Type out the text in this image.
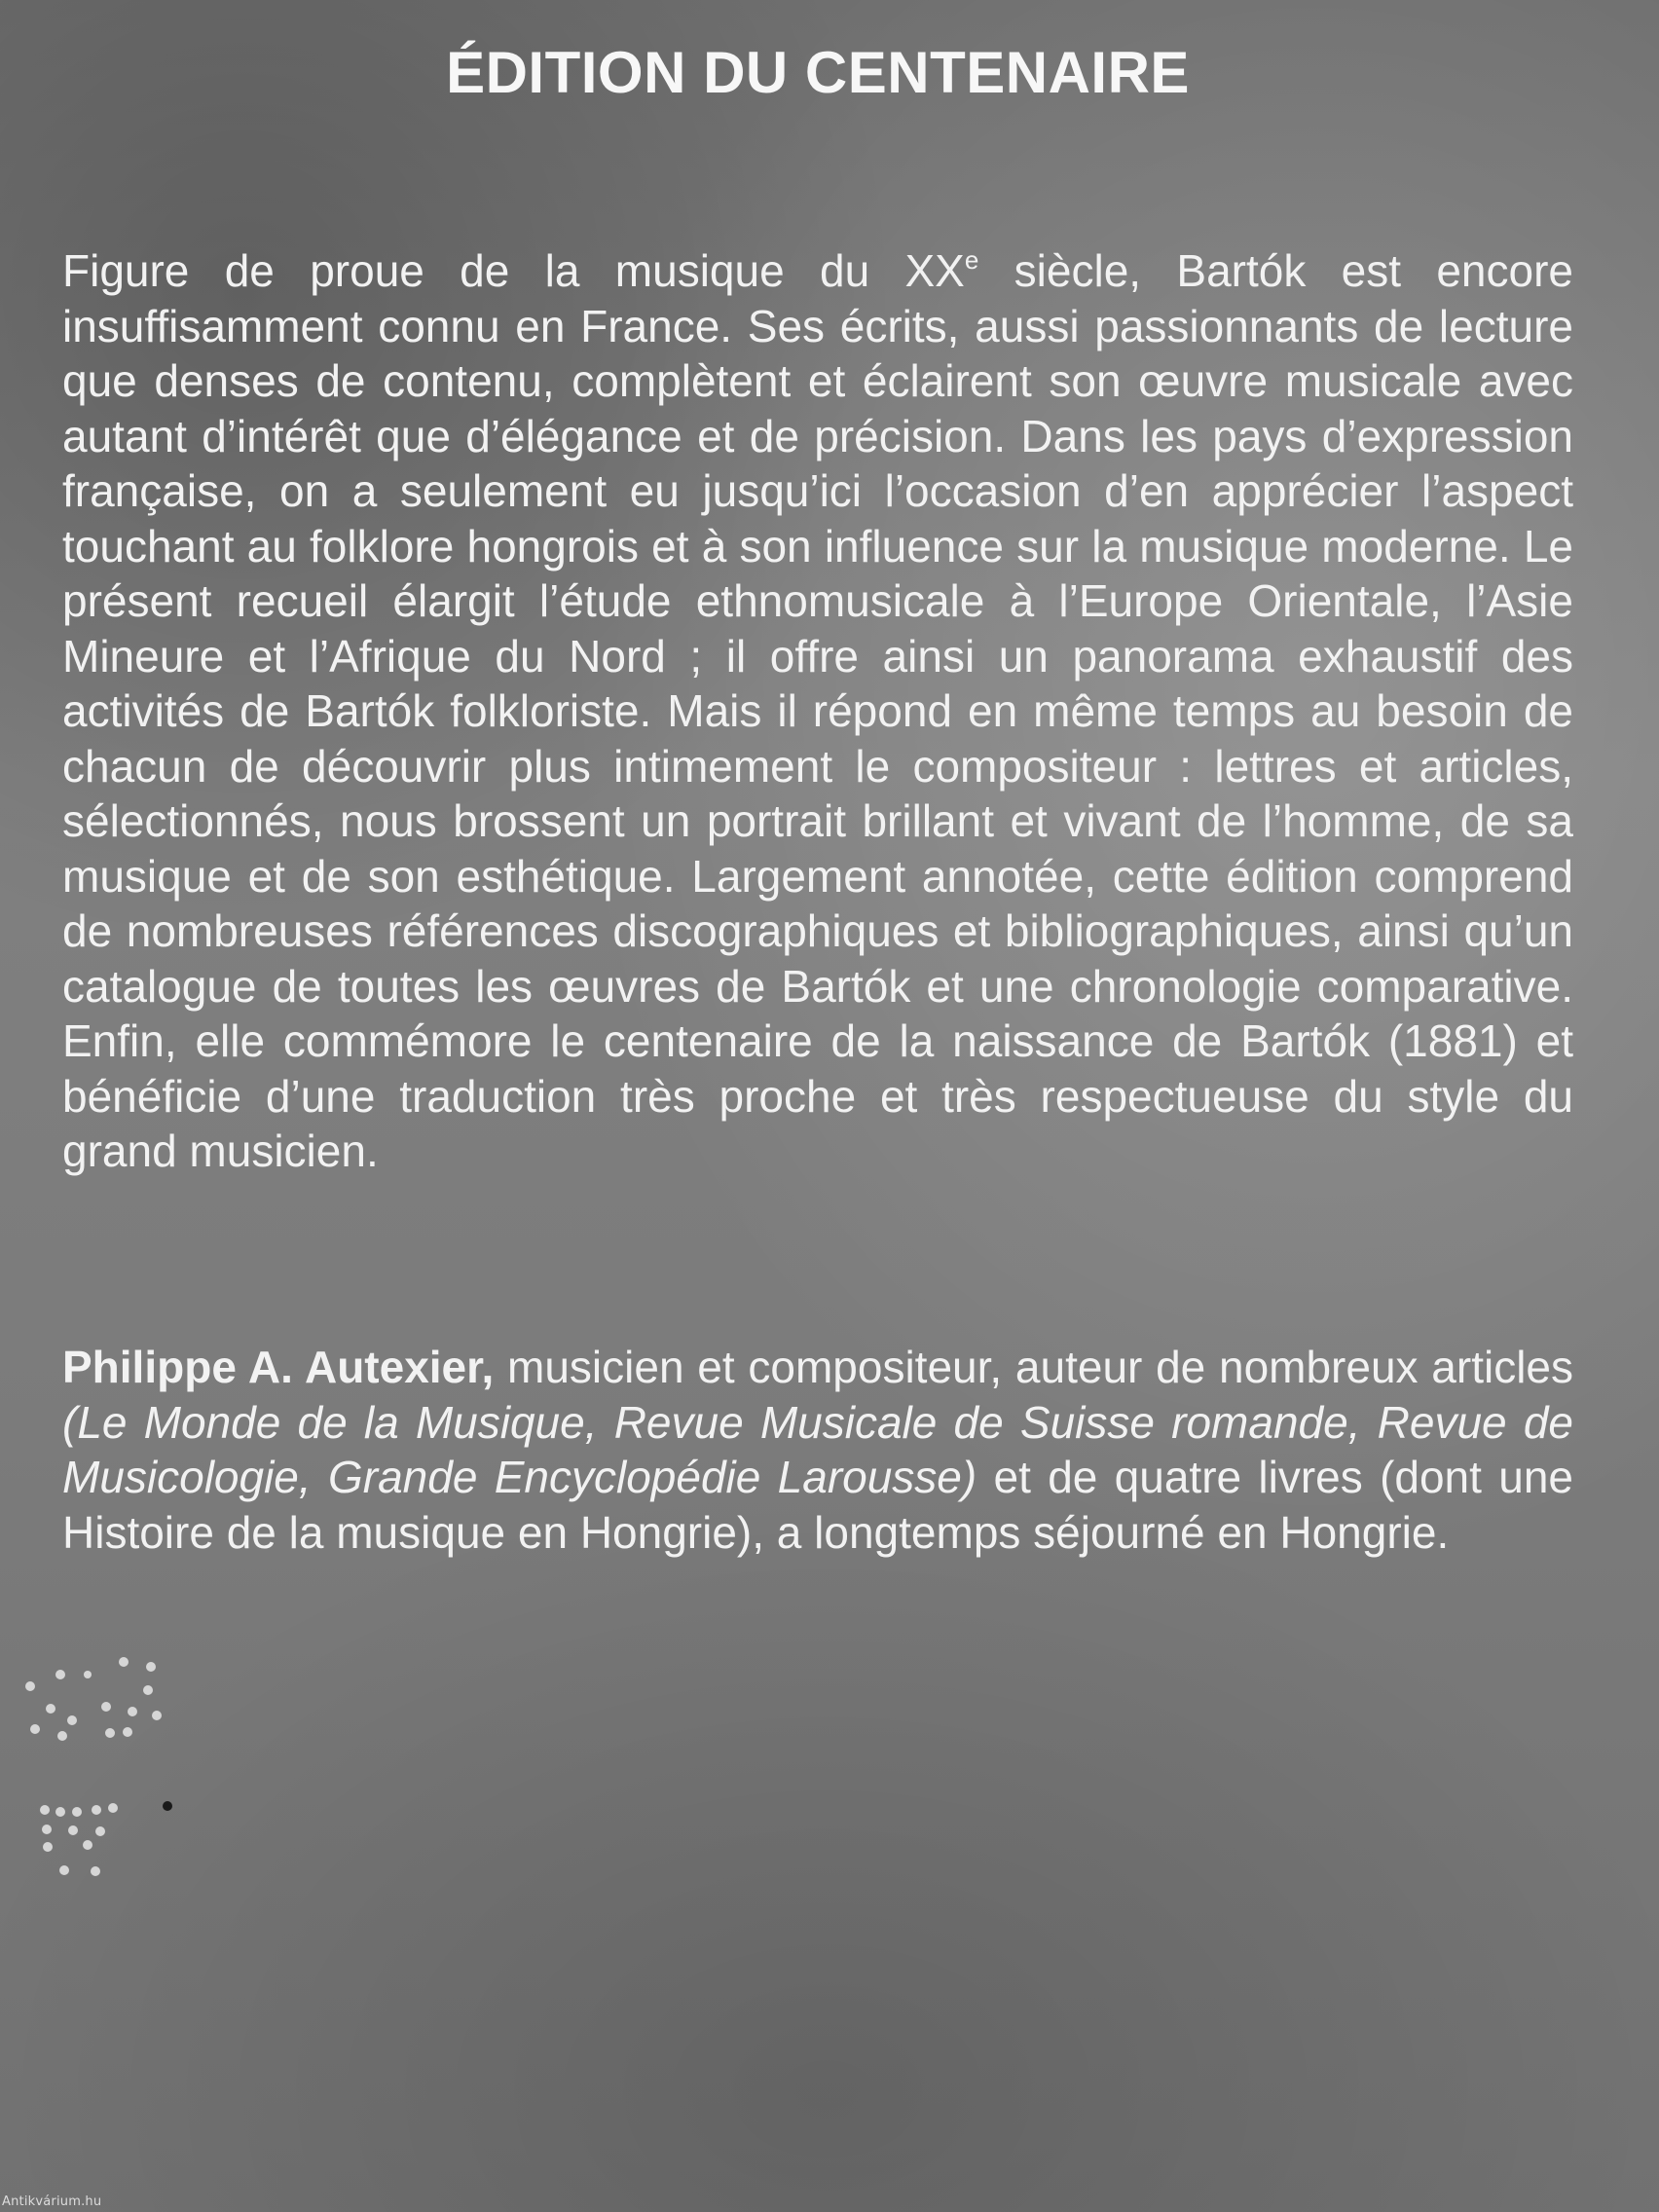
ÉDITION DU CENTENAIRE

Figure de proue de la musique du XXe siècle, Bartók est encore insuffisamment connu en France. Ses écrits, aussi passionnants de lecture que denses de contenu, complètent et éclairent son œuvre musicale avec autant d’intérêt que d’élégance et de précision. Dans les pays d’expression française, on a seulement eu jusqu’ici l’occasion d’en apprécier l’aspect touchant au folklore hongrois et à son influence sur la musique moderne. Le présent recueil élargit l’étude ethnomusicale à l’Europe Orientale, l’Asie Mineure et l’Afrique du Nord ; il offre ainsi un panorama exhaustif des activités de Bartók folkloriste. Mais il répond en même temps au besoin de chacun de découvrir plus intimement le compositeur : lettres et articles, sélectionnés, nous brossent un portrait brillant et vivant de l’homme, de sa musique et de son esthétique. Largement annotée, cette édition comprend de nombreuses références discographiques et bibliographiques, ainsi qu’un catalogue de toutes les œuvres de Bartók et une chronologie comparative. Enfin, elle commémore le centenaire de la naissance de Bartók (1881) et bénéficie d’une traduction très proche et très respectueuse du style du grand musicien.

Philippe A. Autexier, musicien et compositeur, auteur de nombreux articles (Le Monde de la Musique, Revue Musicale de Suisse romande, Revue de Musicologie, Grande Encyclopédie Larousse) et de quatre livres (dont une Histoire de la musique en Hongrie), a longtemps séjourné en Hongrie.

Antikvárium.hu
